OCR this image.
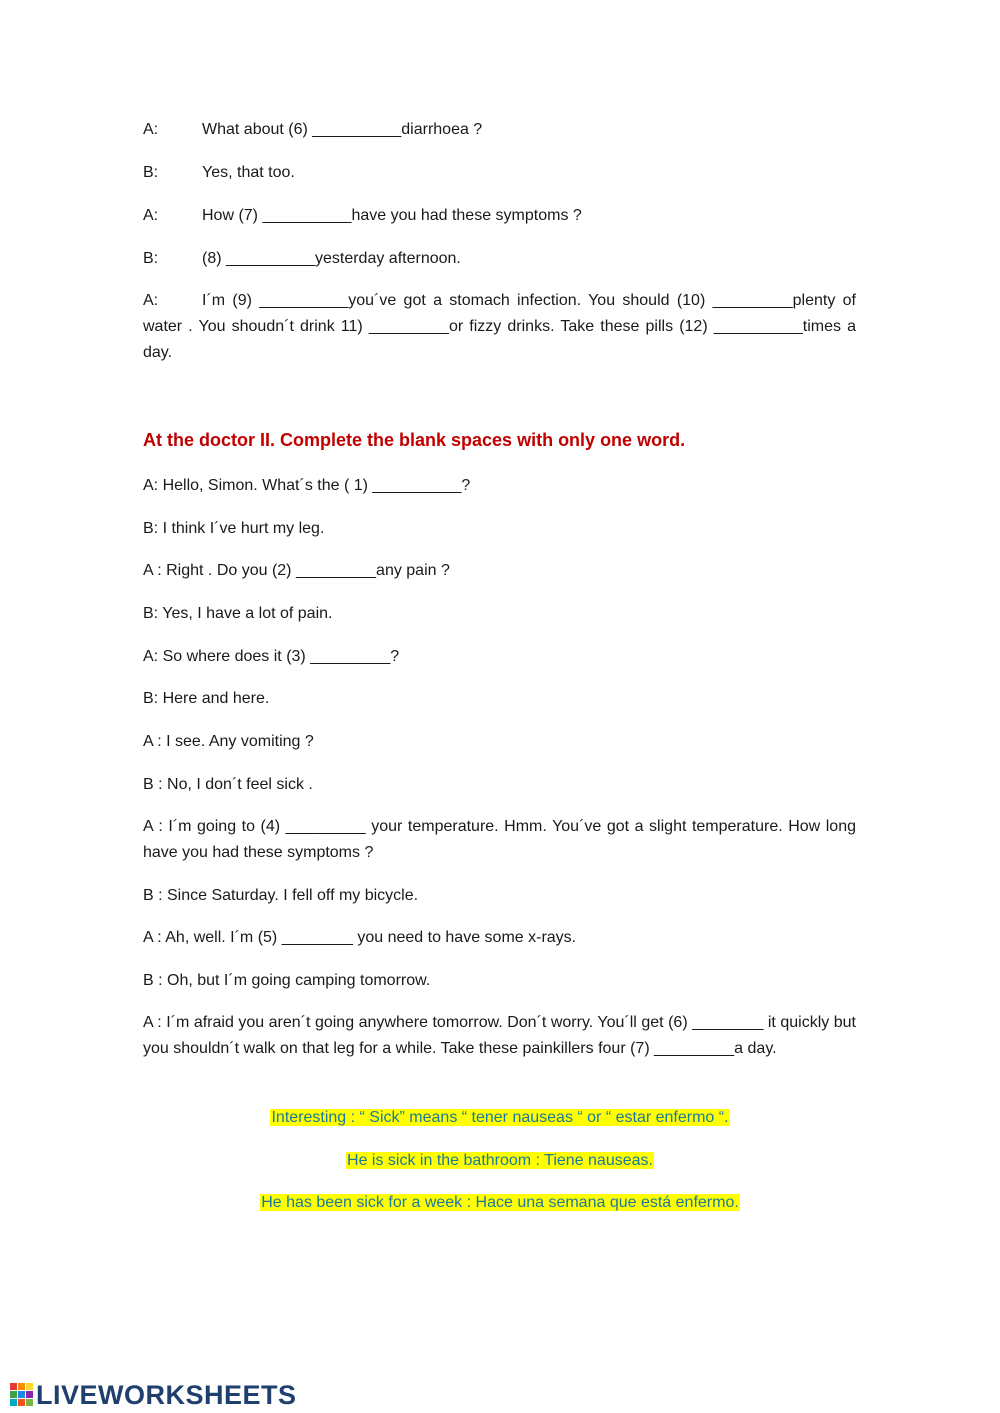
A:	What about (6) __________diarrhoea ?
B:	Yes, that too.
A:	How (7) __________have you had these symptoms ?
B:	(8) __________yesterday afternoon.
A:	I´m (9) __________you´ve got a stomach infection. You should (10) _________plenty of water . You shoudn´t drink 11) _________or fizzy drinks. Take these pills (12) __________times a day.
At the doctor II. Complete the blank spaces with only one word.
A: Hello, Simon. What´s the ( 1) __________?
B: I think I´ve hurt my leg.
A : Right . Do you (2) _________any pain ?
B: Yes, I have a lot of pain.
A: So where does it (3) _________?
B: Here and here.
A : I see. Any vomiting ?
B : No, I don´t feel sick .
A : I´m going to (4) _________ your temperature. Hmm. You´ve got a slight temperature. How long have you had these symptoms ?
B : Since Saturday. I fell off my bicycle.
A : Ah, well. I´m (5) ________ you need to have some x-rays.
B : Oh, but I´m going camping tomorrow.
A : I´m afraid you aren´t going anywhere tomorrow. Don´t worry. You´ll get (6) ________ it quickly but you shouldn´t walk on that leg for a while. Take these painkillers four (7) _________a day.
Interesting : “ Sick” means “ tener nauseas “ or “ estar enfermo “.
He is sick in the bathroom : Tiene nauseas.
He has been sick for a week : Hace una semana que está enfermo.
LIVEWORKSHEETS
